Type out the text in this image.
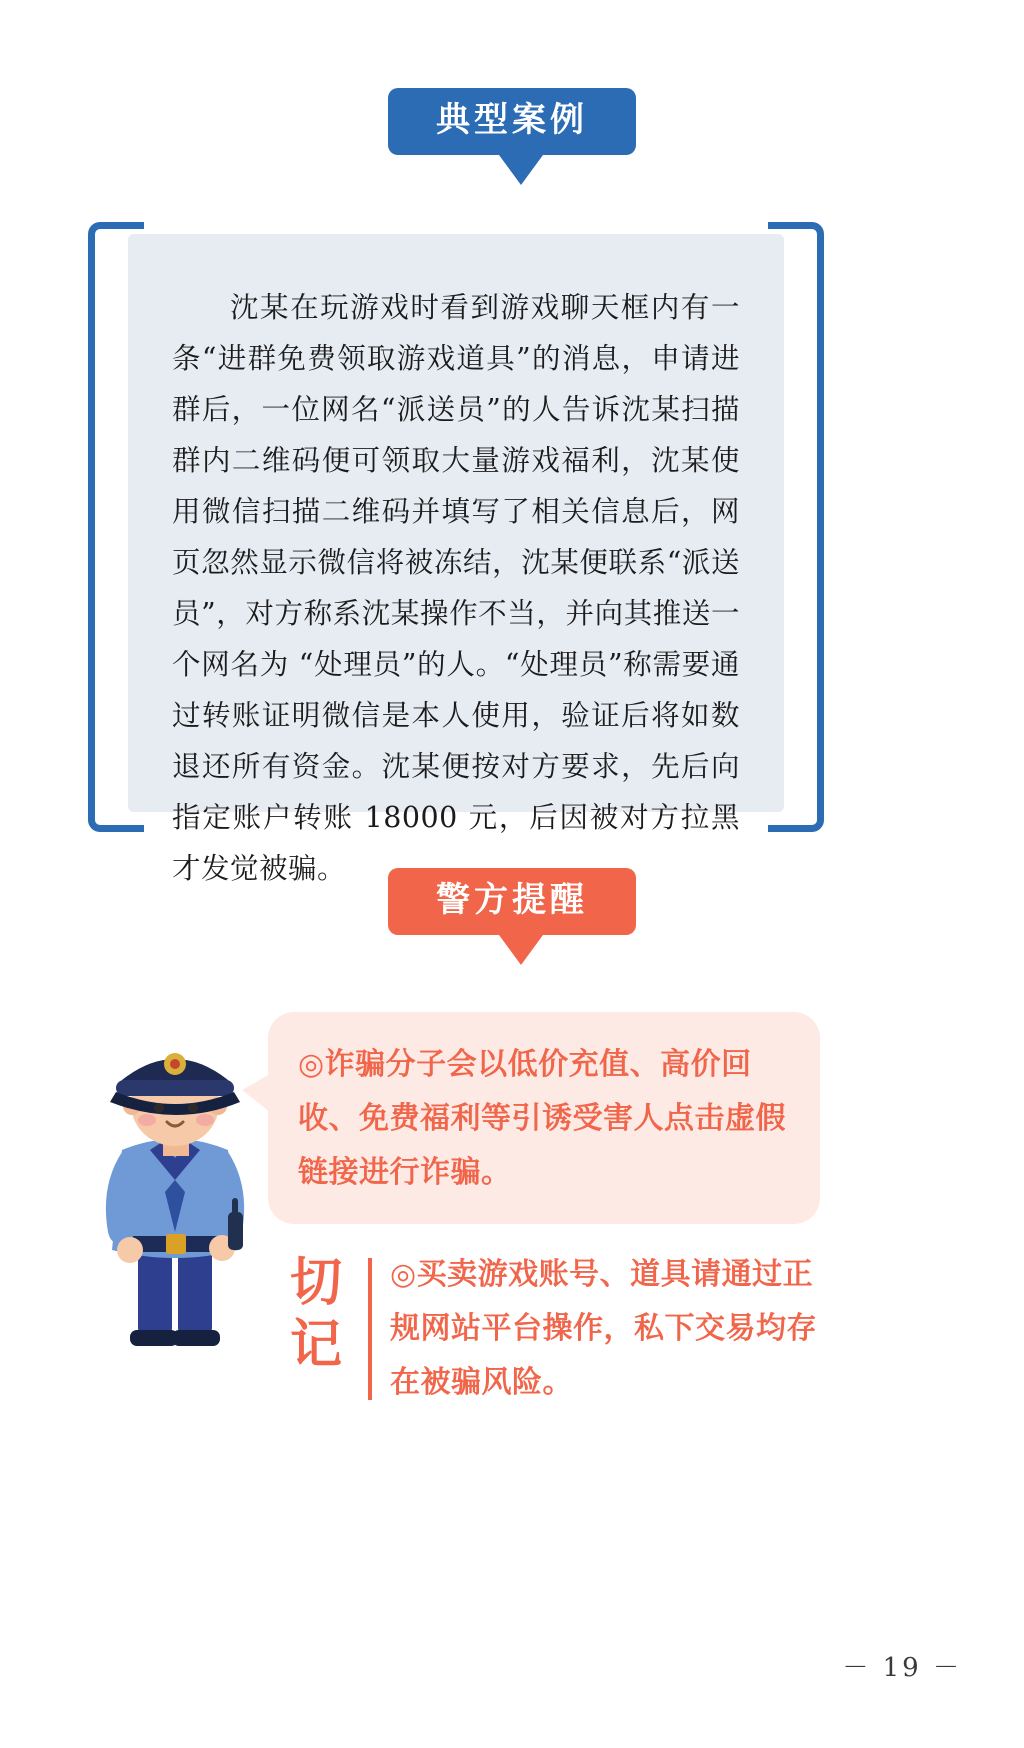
典型案例
沈某在玩游戏时看到游戏聊天框内有一条“进群免费领取游戏道具”的消息，申请进群后，一位网名“派送员”的人告诉沈某扫描群内二维码便可领取大量游戏福利，沈某使用微信扫描二维码并填写了相关信息后，网页忽然显示微信将被冻结，沈某便联系“派送员”，对方称系沈某操作不当，并向其推送一个网名为 “处理员”的人。“处理员”称需要通过转账证明微信是本人使用，验证后将如数退还所有资金。沈某便按对方要求，先后向指定账户转账 18000 元，后因被对方拉黑才发觉被骗。
警方提醒
◎诈骗分子会以低价充值、高价回收、免费福利等引诱受害人点击虚假链接进行诈骗。
切记
◎买卖游戏账号、道具请通过正规网站平台操作，私下交易均存在被骗风险。
－ 19 －
